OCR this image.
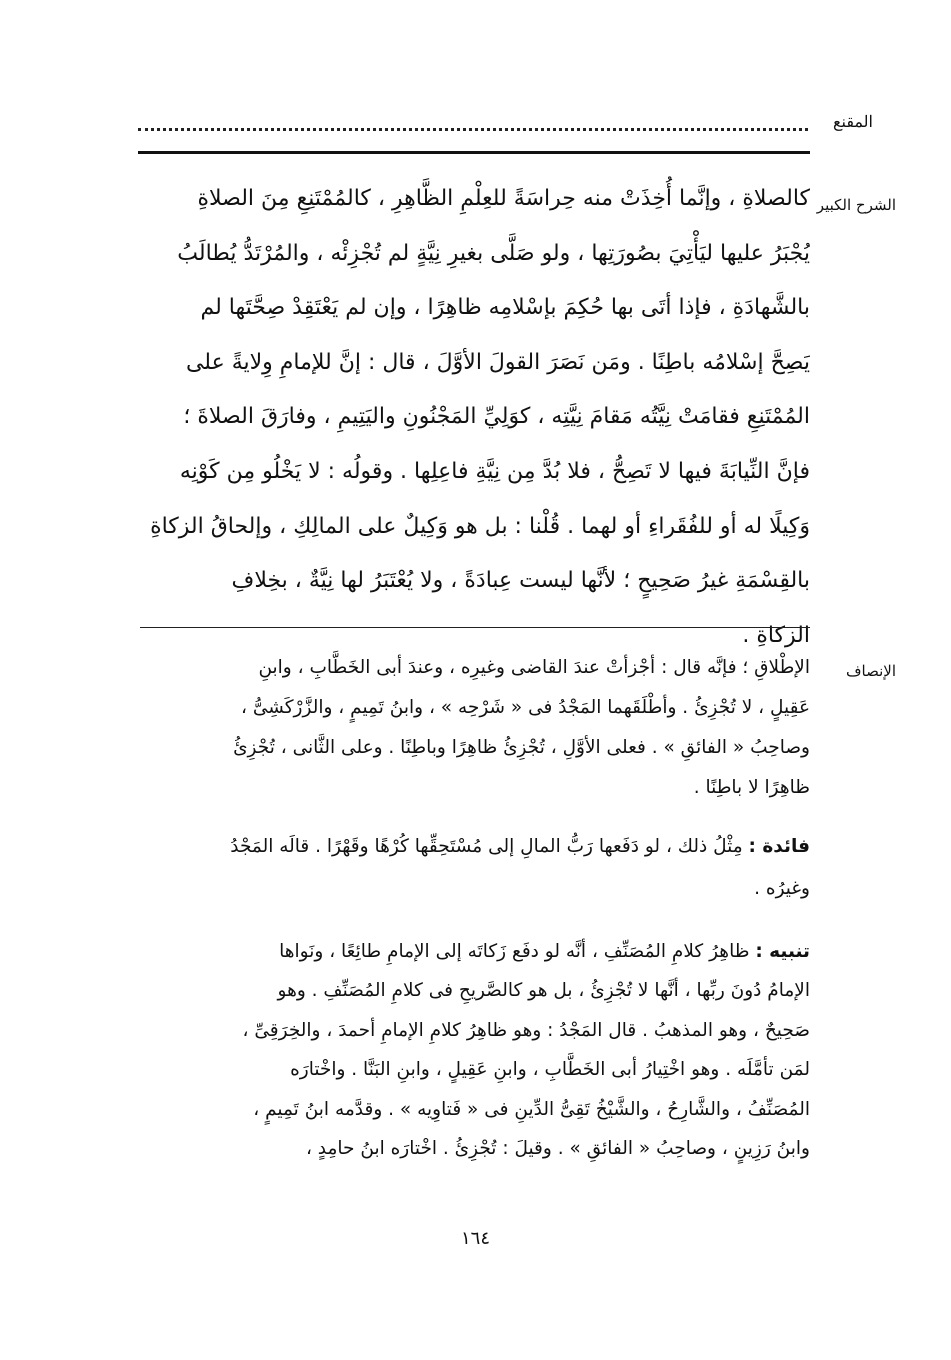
المقنع
الشرح الكبير
كالصلاةِ ، وإنَّما أُخِذَتْ منه حِراسَةً للعِلْمِ الظَّاهِرِ ، كالمُمْتَنِعِ مِنَ الصلاةِ
يُجْبَرُ عليها ليَأْتِيَ بصُورَتِها ، ولو صَلَّى بغيرِ نِيَّةٍ لم تُجْزِئْه ، والمُرْتَدُّ يُطالَبُ
بالشَّهادَةِ ، فإذا أتَى بها حُكِمَ بإسْلامِه ظاهِرًا ، وإن لم يَعْتَقِدْ صِحَّتَها لم
يَصِحَّ إسْلامُه باطِنًا . ومَن نَصَرَ القولَ الأوَّلَ ، قال : إنَّ للإمامِ وِلايةً على
المُمْتَنِعِ فقامَتْ نِيَّتُه مَقامَ نِيَّتِه ، كوَلِيِّ المَجْنُونِ واليَتِيمِ ، وفارَقَ الصلاةَ ؛
فإنَّ النِّيابَةَ فيها لا تَصِحُّ ، فلا بُدَّ مِن نِيَّةِ فاعِلِها . وقولُه : لا يَخْلُو مِن كَوْنِه
وَكِيلًا له أو للفُقَراءِ أو لهما . قُلْنا : بل هو وَكِيلٌ على المالِكِ ، وإلحاقُ الزكاةِ
بالقِسْمَةِ غيرُ صَحِيحٍ ؛ لأنَّها ليست عِبادَةً ، ولا يُعْتَبَرُ لها نِيَّةٌ ، بخِلافِ
الزكاةِ .
الإنصاف
الإطْلاقِ ؛ فإنَّه قال : أجْزأتْ عندَ القاضى وغيرِه ، وعندَ أبى الخَطَّابِ ، وابنِ
عَقِيلٍ ، لا تُجْزِئُ . وأطْلَقَهما المَجْدُ فى « شَرْحِه » ، وابنُ تَمِيمٍ ، والزَّرْكَشِىُّ ،
وصاحِبُ « الفائقِ » . فعلى الأوَّلِ ، تُجْزِئُ ظاهِرًا وباطِنًا . وعلى الثَّانى ، تُجْزِئُ
ظاهِرًا لا باطِنًا .
فائدة : مِثْلُ ذلك ، لو دَفَعها رَبُّ المالِ إلى مُسْتَحِقِّها كُرْهًا وقَهْرًا . قالَه المَجْدُ
وغيرُه .
تنبيه : ظاهِرُ كلامِ المُصَنِّفِ ، أنَّه لو دفَع زَكاتَه إلى الإمامِ طائِعًا ، ونَواها
الإمامُ دُونَ ربِّها ، أنَّها لا تُجْزِئُ ، بل هو كالصَّريحِ فى كلامِ المُصَنِّفِ . وهو
صَحِيحٌ ، وهو المذهبُ . قال المَجْدُ : وهو ظاهِرُ كلامِ الإمامِ أحمدَ ، والخِرَقِىِّ ،
لمَن تأمَّلَه . وهو اخْتِيارُ أبى الخَطَّابِ ، وابنِ عَقِيلٍ ، وابنِ البَنَّا . واخْتارَه
المُصَنِّفُ ، والشَّارِحُ ، والشَّيْخُ تَقِىُّ الدِّينِ فى « فَتاوِيه » . وقدَّمه ابنُ تَمِيمٍ ،
وابنُ رَزِينٍ ، وصاحِبُ « الفائقِ » . وقيلَ : تُجْزِئُ . اخْتارَه ابنُ حامِدٍ ،
١٦٤
